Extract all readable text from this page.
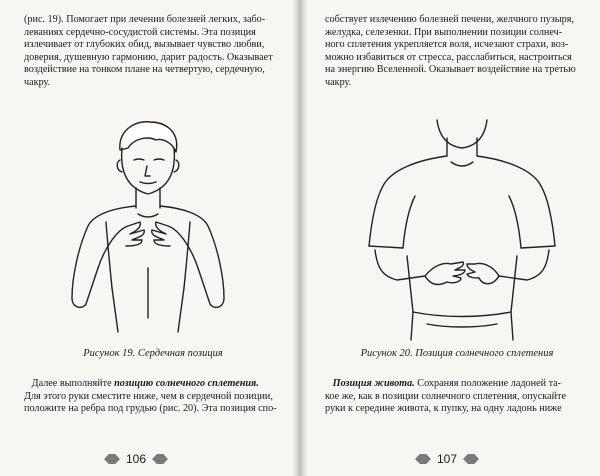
(рис. 19). Помогает при лечении болезней легких, забо-
леваниях сердечно-сосудистой системы. Эта позиция
излечивает от глубоких обид, вызывает чувство любви,
доверия, душевную гармонию, дарит радость. Оказывает
воздействие на тонком плане на четвертую, сердечную,
чакру.
Рисунок 19. Сердечная позиция
Далее выполняйте позицию солнечного сплетения.
Для этого руки сместите ниже, чем в сердечной позиции,
положите на ребра под грудью (рис. 20). Эта позиция спо-
106
собствует излечению болезней печени, желчного пузыря,
желудка, селезенки. При выполнении позиции солнеч-
ного сплетения укрепляется воля, исчезают страхи, воз-
можно избавиться от стресса, расслабиться, настроиться
на энергию Вселенной. Оказывает воздействие на третью
чакру.
Рисунок 20. Позиция солнечного сплетения
Позиция живота. Сохраняя положение ладоней та-
кое же, как в позиции солнечного сплетения, опускайте
руки к середине живота, к пупку, на одну ладонь ниже
107
